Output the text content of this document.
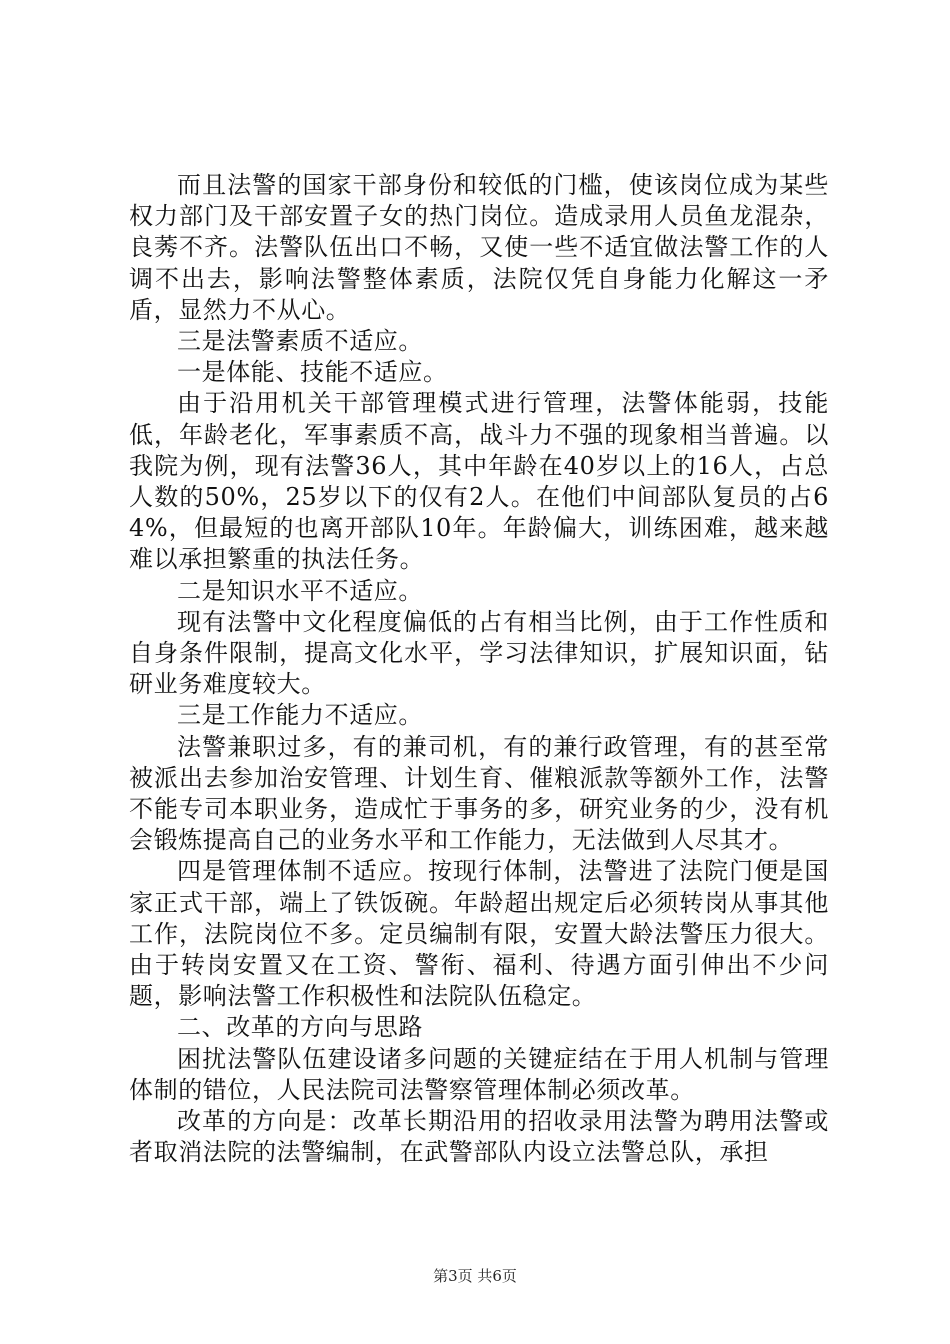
而且法警的国家干部身份和较低的门槛，使该岗位成为某些权力部门及干部安置子女的热门岗位。造成录用人员鱼龙混杂，良莠不齐。法警队伍出口不畅，又使一些不适宜做法警工作的人调不出去，影响法警整体素质，法院仅凭自身能力化解这一矛盾，显然力不从心。

三是法警素质不适应。

一是体能、技能不适应。

由于沿用机关干部管理模式进行管理，法警体能弱，技能低，年龄老化，军事素质不高，战斗力不强的现象相当普遍。以我院为例，现有法警36人，其中年龄在40岁以上的16人，占总人数的50%，25岁以下的仅有2人。在他们中间部队复员的占64%，但最短的也离开部队10年。年龄偏大，训练困难，越来越难以承担繁重的执法任务。

二是知识水平不适应。

现有法警中文化程度偏低的占有相当比例，由于工作性质和自身条件限制，提高文化水平，学习法律知识，扩展知识面，钻研业务难度较大。

三是工作能力不适应。

法警兼职过多，有的兼司机，有的兼行政管理，有的甚至常被派出去参加治安管理、计划生育、催粮派款等额外工作，法警不能专司本职业务，造成忙于事务的多，研究业务的少，没有机会锻炼提高自己的业务水平和工作能力，无法做到人尽其才。

四是管理体制不适应。按现行体制，法警进了法院门便是国家正式干部，端上了铁饭碗。年龄超出规定后必须转岗从事其他工作，法院岗位不多。定员编制有限，安置大龄法警压力很大。由于转岗安置又在工资、警衔、福利、待遇方面引伸出不少问题，影响法警工作积极性和法院队伍稳定。

二、改革的方向与思路

困扰法警队伍建设诸多问题的关键症结在于用人机制与管理体制的错位，人民法院司法警察管理体制必须改革。

改革的方向是：改革长期沿用的招收录用法警为聘用法警或者取消法院的法警编制，在武警部队内设立法警总队，承担

第3页 共6页
